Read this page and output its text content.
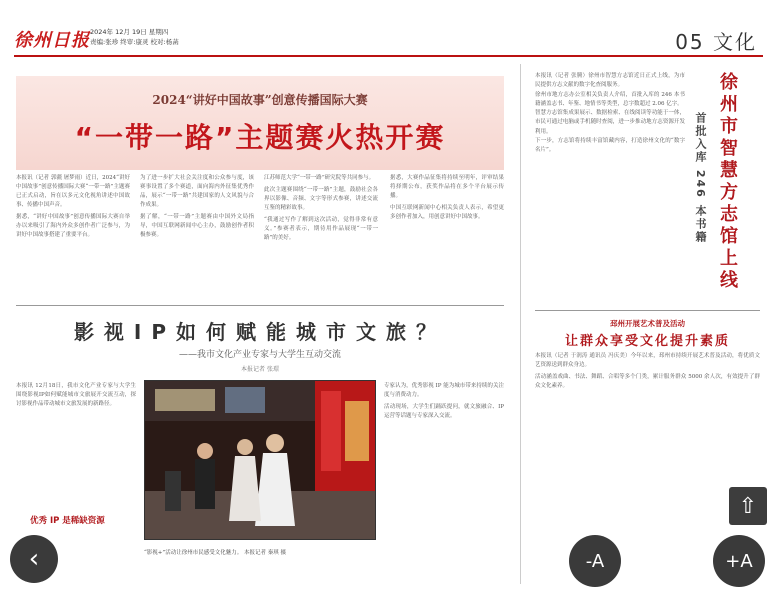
徐州日报 2024年 12月 19日 星期四
责编:张珍 终审:康灵 校对:杨菡	05 文化
2024“讲好中国故事”创意传播国际大赛
“一带一路”主题赛火热开赛

本报讯（记者 郭疆 屠梦雨）近日，2024“讲好中国故事”创意传播国际大赛“一带一路”主题赛已正式启动，旨在以多元文化视角讲述中国故事、传播中国声音。

据悉，“讲好中国故事”创意传播国际大赛自举办以来吸引了海内外众多创作者广泛参与，为讲好中国故事搭建了重要平台。

为了进一步扩大社会关注度和公众参与度，该赛事设置了多个赛道，面向海内外征集优秀作品，展示“一带一路”共建国家的人文风貌与合作成果。

据了解，“一带一路”主题赛由中国外文局指导，中国互联网新闻中心主办，鼓励创作者积极参赛。

江苏师范大学“一带一路”研究院等共同参与。

此次主题赛围绕“一带一路”主题，鼓励社会各界以影像、音频、文字等形式参赛，讲述交流互鉴的精彩故事。

“我通过写作了解到这次活动，觉得非常有意义。”参赛者表示，期待用作品展现“一带一路”的美好。

据悉，大赛作品征集将持续至明年，评审结果将择期公布，获奖作品将在多个平台展示传播。

中国互联网新闻中心相关负责人表示，希望更多创作者加入，用创意讲好中国故事。

本报讯（记者 张腾）徐州市智慧方志馆近日正式上线，为市民提供方志文献的数字化查阅服务。

徐州市地方志办公室相关负责人介绍，首批入库的 246 本书籍涵盖志书、年鉴、地情书等类型，总字数超过 2.06 亿字。

智慧方志馆集成果展示、数据检索、在线阅读等功能于一体，市民可通过电脑或手机随时查阅，进一步推动地方志资源开发利用。

下一步，方志馆将持续丰富馆藏内容，打造徐州文化的“数字名片”。	徐州市智慧方志馆上线
首批入库 246 本书籍
影视IP如何赋能城市文旅？
——我市文化产业专家与大学生互动交流
本报记者 张璟

本报讯 12月18日，我市文化产业专家与大学生围绕影视IP如何赋能城市文旅展开交流互动，探讨影视作品带动城市文旅发展的新路径。

优秀 IP 是稀缺资源
“影视+”活动让徐州市民感受文化魅力。 本报记者 秦琪 摄

专家认为，优秀影视 IP 能为城市带来持续的关注度与消费动力。

活动现场，大学生们踊跃提问，就文旅融合、IP 运营等话题与专家深入交流。

邳州开展艺术普及活动
让群众享受文化提升素质

本报讯（记者 于润涛 通讯员 冯庆美）今年以来，邳州市持续开展艺术普及活动，将优质文艺资源送到群众身边。

活动涵盖戏曲、书法、舞蹈、合唱等多个门类，累计服务群众 5000 余人次，有效提升了群众文化素养。

‹	-A	+A
⇧
